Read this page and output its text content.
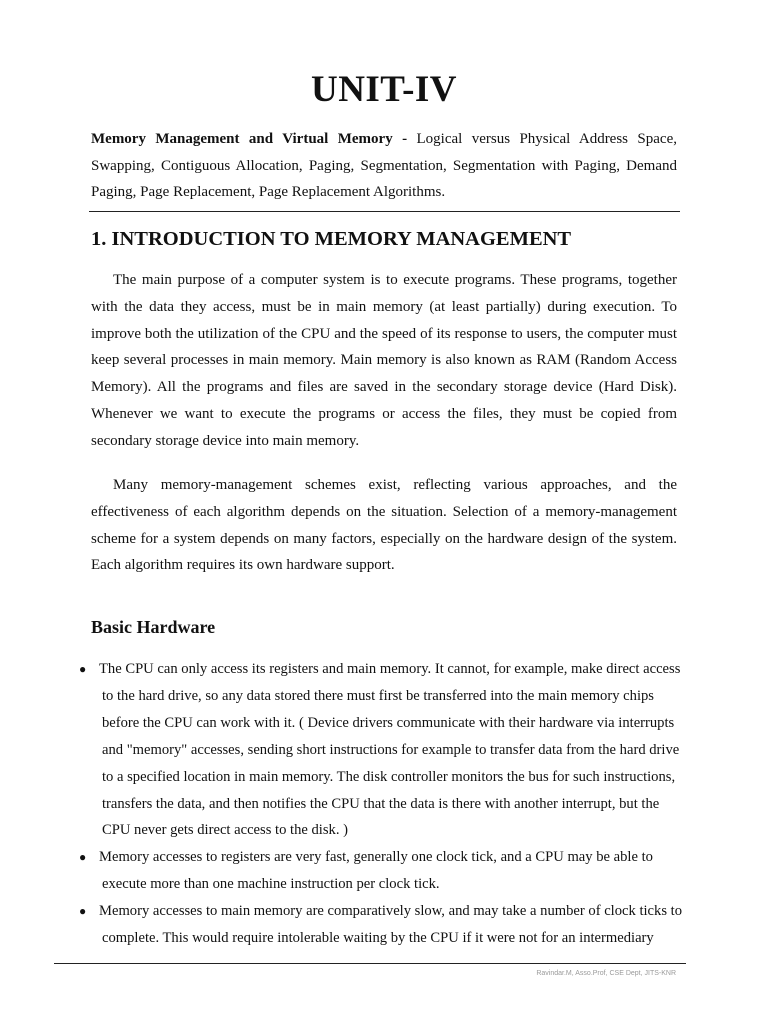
UNIT-IV

Memory Management and Virtual Memory - Logical versus Physical Address Space, Swapping, Contiguous Allocation, Paging, Segmentation, Segmentation with Paging, Demand Paging, Page Replacement, Page Replacement Algorithms.

1. INTRODUCTION TO MEMORY MANAGEMENT

The main purpose of a computer system is to execute programs. These programs, together with the data they access, must be in main memory (at least partially) during execution. To improve both the utilization of the CPU and the speed of its response to users, the computer must keep several processes in main memory. Main memory is also known as RAM (Random Access Memory). All the programs and files are saved in the secondary storage device (Hard Disk). Whenever we want to execute the programs or access the files, they must be copied from secondary storage device into main memory.

Many memory-management schemes exist, reflecting various approaches, and the effectiveness of each algorithm depends on the situation. Selection of a memory-management scheme for a system depends on many factors, especially on the hardware design of the system. Each algorithm requires its own hardware support.

Basic Hardware
● The CPU can only access its registers and main memory. It cannot, for example, make direct access to the hard drive, so any data stored there must first be transferred into the main memory chips before the CPU can work with it. ( Device drivers communicate with their hardware via interrupts and "memory" accesses, sending short instructions for example to transfer data from the hard drive to a specified location in main memory. The disk controller monitors the bus for such instructions, transfers the data, and then notifies the CPU that the data is there with another interrupt, but the CPU never gets direct access to the disk. )
● Memory accesses to registers are very fast, generally one clock tick, and a CPU may be able to execute more than one machine instruction per clock tick.
● Memory accesses to main memory are comparatively slow, and may take a number of clock ticks to complete. This would require intolerable waiting by the CPU if it were not for an intermediary

Ravindar.M, Asso.Prof, CSE Dept, JITS-KNR
